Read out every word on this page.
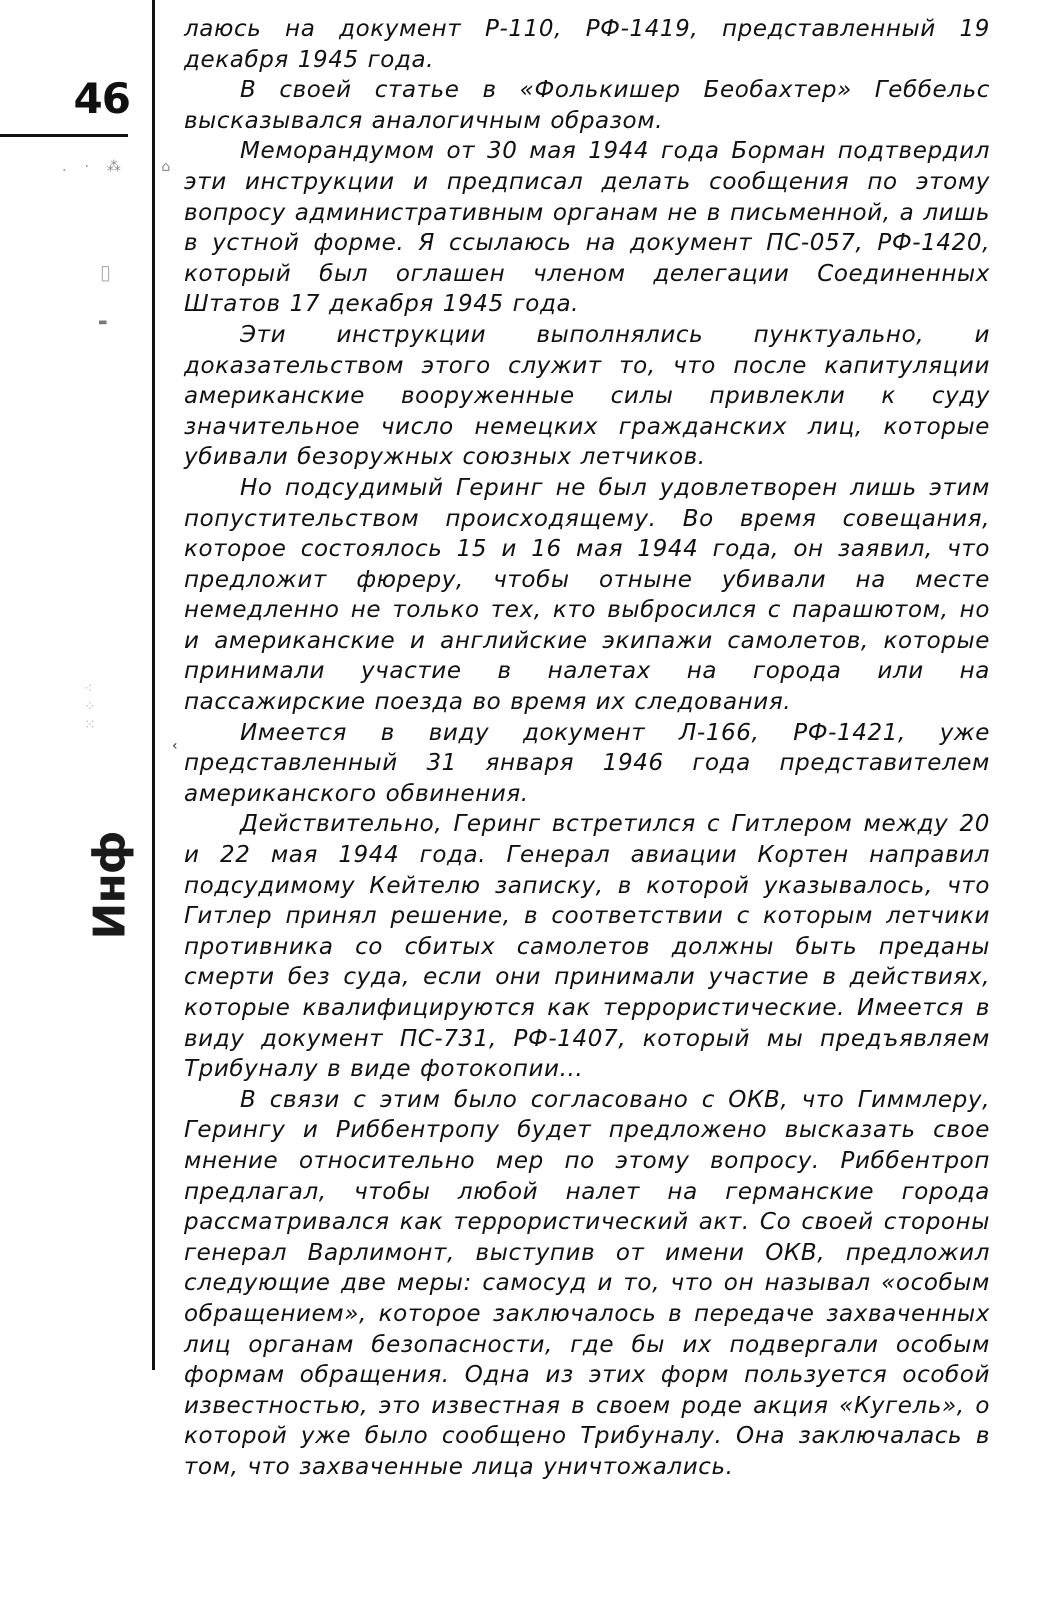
46
.·⁂ ⌂
▯
▬
⁖
⁘
⁙
Инф
‹

лаюсь на документ Р-110, РФ-1419, представленный 19 декабря 1945 года.

В своей статье в «Фолькишер Беобахтер» Геббельс высказывался аналогичным образом.

Меморандумом от 30 мая 1944 года Борман подтвердил эти инструкции и предписал делать сообщения по этому вопросу административным органам не в письменной, а лишь в устной форме. Я ссылаюсь на документ ПС-057, РФ-1420, который был оглашен членом делегации Соединенных Штатов 17 декабря 1945 года.

Эти инструкции выполнялись пунктуально, и доказательством этого служит то, что после капитуляции американские вооруженные силы привлекли к суду значительное число немецких гражданских лиц, которые убивали безоружных союзных летчиков.

Но подсудимый Геринг не был удовлетворен лишь этим попустительством происходящему. Во время совещания, которое состоялось 15 и 16 мая 1944 года, он заявил, что предложит фюреру, чтобы отныне убивали на месте немедленно не только тех, кто выбросился с парашютом, но и американские и английские экипажи самолетов, которые принимали участие в налетах на города или на пассажирские поезда во время их следования.

Имеется в виду документ Л-166, РФ-1421, уже представленный 31 января 1946 года представителем американского обвинения.

Действительно, Геринг встретился с Гитлером между 20 и 22 мая 1944 года. Генерал авиации Кортен направил подсудимому Кейтелю записку, в которой указывалось, что Гитлер принял решение, в соответствии с которым летчики противника со сбитых самолетов должны быть преданы смерти без суда, если они принимали участие в действиях, которые квалифицируются как террористические. Имеется в виду документ ПС-731, РФ-1407, который мы предъявляем Трибуналу в виде фотокопии...

В связи с этим было согласовано с ОКВ, что Гиммлеру, Герингу и Риббентропу будет предложено высказать свое мнение относительно мер по этому вопросу. Риббентроп предлагал, чтобы любой налет на германские города рассматривался как террористический акт. Со своей стороны генерал Варлимонт, выступив от имени ОКВ, предложил следующие две меры: самосуд и то, что он называл «особым обращением», которое заключалось в передаче захваченных лиц органам безопасности, где бы их подвергали особым формам обращения. Одна из этих форм пользуется особой известностью, это известная в своем роде акция «Кугель», о которой уже было сообщено Трибуналу. Она заключалась в том, что захваченные лица уничтожались.
